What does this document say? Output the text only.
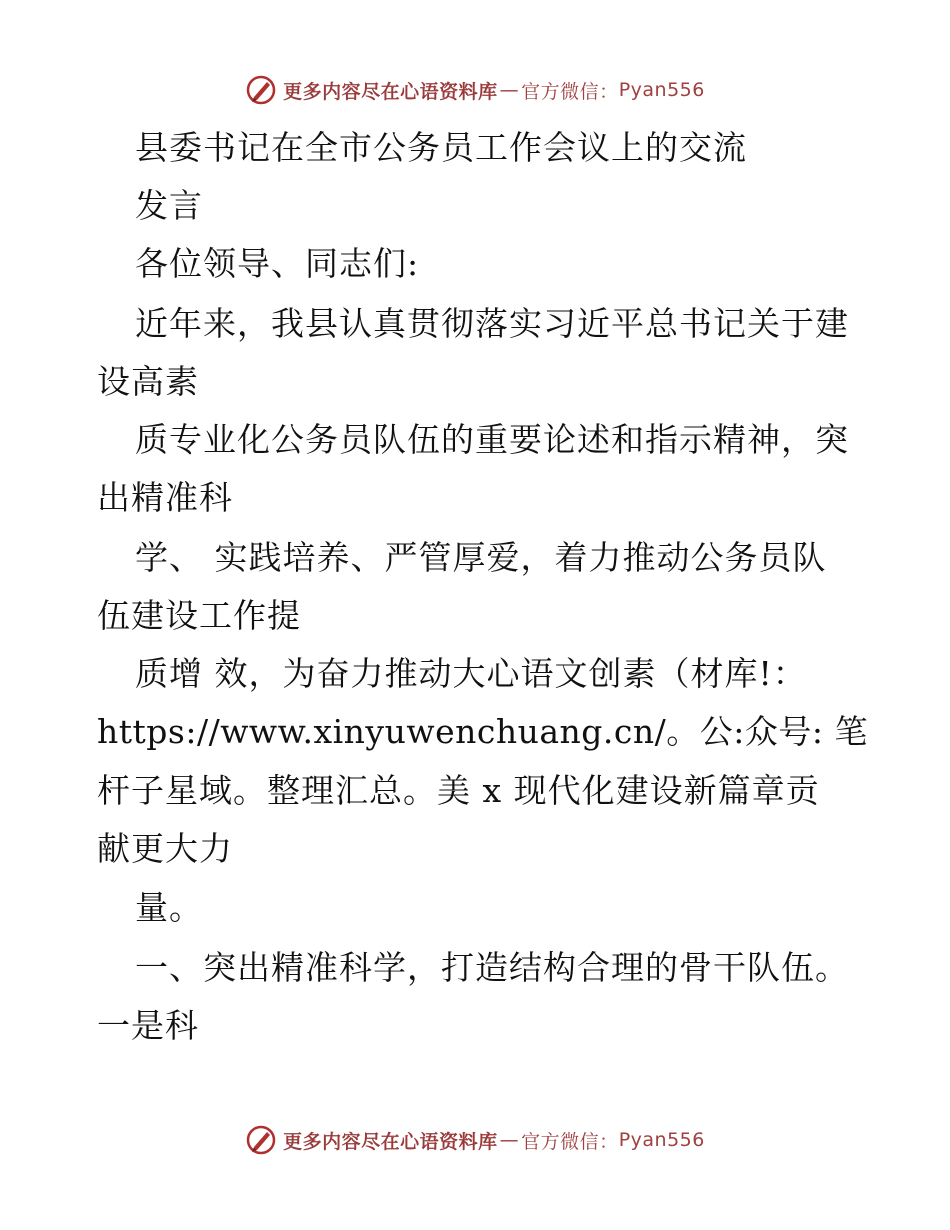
更多内容尽在心语资料库 — 官方微信： Pyan556
县委书记在全市公务员工作会议上的交流
发言
各位领导、同志们:
近年来，我县认真贯彻落实习近平总书记关于建
设高素
质专业化公务员队伍的重要论述和指示精神，突
出精准科
学、 实践培养、严管厚爱，着力推动公务员队
伍建设工作提
质增 效，为奋力推动大心语文创素（材库!：
https://www.xinyuwenchuang.cn/。公:众号: 笔
杆子星域。整理汇总。美 x 现代化建设新篇章贡
献更大力
量。
一、突出精准科学，打造结构合理的骨干队伍。
一是科
更多内容尽在心语资料库 — 官方微信： Pyan556
